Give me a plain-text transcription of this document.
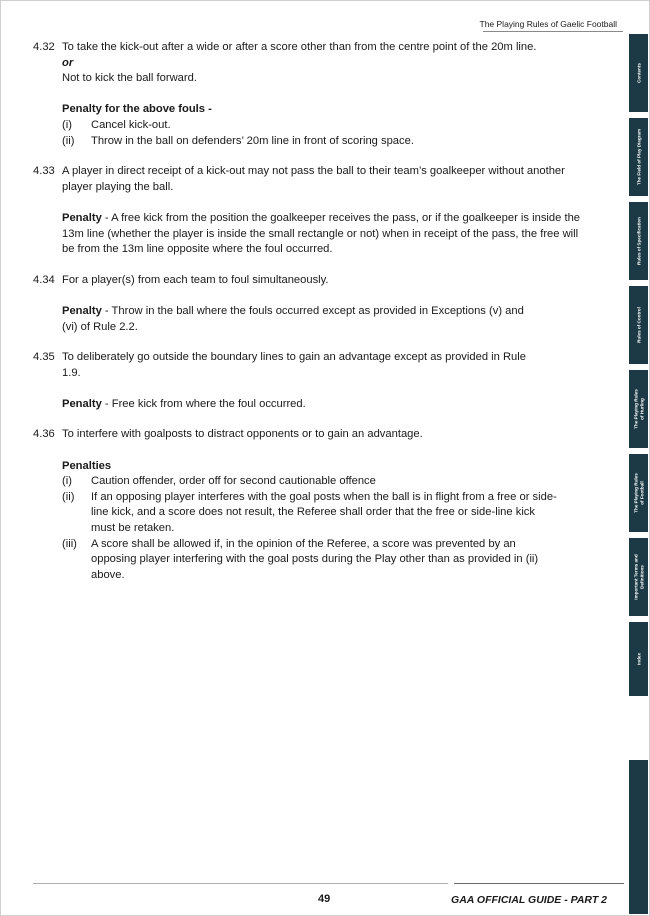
The Playing Rules of Gaelic Football
4.32 To take the kick-out after a wide or after a score other than from the centre point of the 20m line.

or

Not to kick the ball forward.

Penalty for the above fouls -

(i)	Cancel kick-out.
(ii)	Throw in the ball on defenders’ 20m line in front of scoring space.
4.33 A player in direct receipt of a kick-out may not pass the ball to their team’s goalkeeper without another player playing the ball.

Penalty - A free kick from the position the goalkeeper receives the pass, or if the goalkeeper is inside the 13m line (whether the player is inside the small rectangle or not) when in receipt of the pass, the free will be from the 13m line opposite where the foul occurred.

4.34 For a player(s) from each team to foul simultaneously.

Penalty - Throw in the ball where the fouls occurred except as provided in Exceptions (v) and (vi) of Rule 2.2.

4.35 To deliberately go outside the boundary lines to gain an advantage except as provided in Rule 1.9.

Penalty - Free kick from where the foul occurred.

4.36 To interfere with goalposts to distract opponents or to gain an advantage.

Penalties

(i)	Caution offender, order off for second cautionable offence
(ii)	If an opposing player interferes with the goal posts when the ball is in flight from a free or side-line kick, and a score does not result, the Referee shall order that the free or side-line kick must be retaken.
(iii)	A score shall be allowed if, in the opinion of the Referee, a score was prevented by an opposing player interfering with the goal posts during the Play other than as provided in (ii) above.
Contents
The Field of Play Diagram
Rules of Specification
Rules of Control
The Playing Rules of Hurling
The Playing Rules of Football
Important Terms and Definitions
Index
49	GAA OFFICIAL GUIDE - PART 2
